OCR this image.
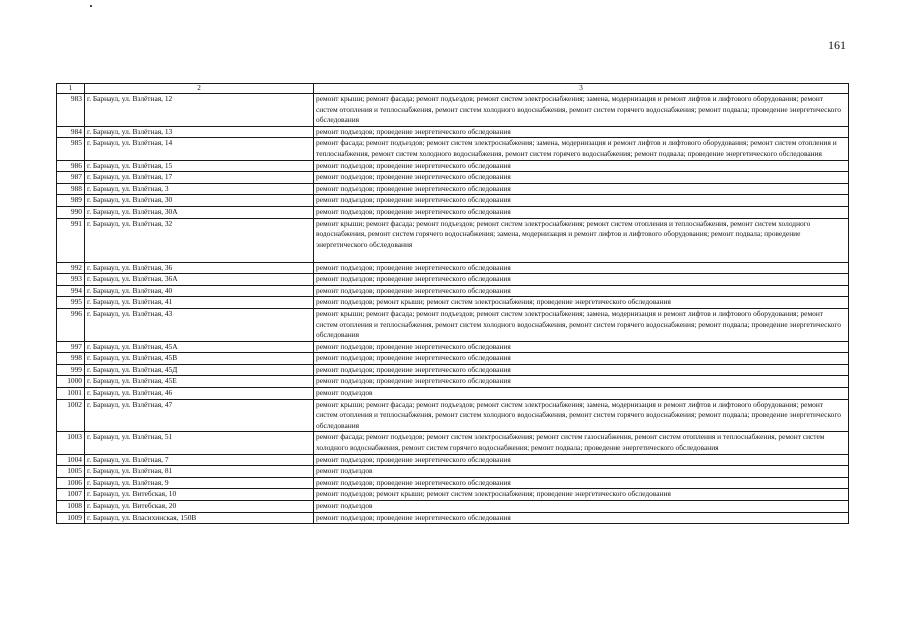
161
1	2	3
983	г. Барнаул, ул. Взлётная, 12	ремонт крыши; ремонт фасада; ремонт подъездов; ремонт систем электроснабжения; замена, модернизация и ремонт лифтов и лифтового оборудования; ремонт систем отопления и теплоснабжения, ремонт систем холодного водоснабжения, ремонт систем горячего водоснабжения; ремонт подвала; проведение энергетического обследования
984	г. Барнаул, ул. Взлётная, 13	ремонт подъездов; проведение энергетического обследования
985	г. Барнаул, ул. Взлётная, 14	ремонт фасада; ремонт подъездов; ремонт систем электроснабжения; замена, модернизация и ремонт лифтов и лифтового оборудования; ремонт систем отопления и теплоснабжения, ремонт систем холодного водоснабжения, ремонт систем горячего водоснабжения; ремонт подвала; проведение энергетического обследования
986	г. Барнаул, ул. Взлётная, 15	ремонт подъездов; проведение энергетического обследования
987	г. Барнаул, ул. Взлётная, 17	ремонт подъездов; проведение энергетического обследования
988	г. Барнаул, ул. Взлётная, 3	ремонт подъездов; проведение энергетического обследования
989	г. Барнаул, ул. Взлётная, 30	ремонт подъездов; проведение энергетического обследования
990	г. Барнаул, ул. Взлётная, 30А	ремонт подъездов; проведение энергетического обследования
991	г. Барнаул, ул. Взлётная, 32	ремонт крыши; ремонт фасада; ремонт подъездов; ремонт систем электроснабжения; ремонт систем отопления и теплоснабжения, ремонт систем холодного водоснабжения, ремонт систем горячего водоснабжения; замена, модернизация и ремонт лифтов и лифтового оборудования; ремонт подвала; проведение энергетического обследования
992	г. Барнаул, ул. Взлётная, 36	ремонт подъездов; проведение энергетического обследования
993	г. Барнаул, ул. Взлётная, 36А	ремонт подъездов; проведение энергетического обследования
994	г. Барнаул, ул. Взлётная, 40	ремонт подъездов; проведение энергетического обследования
995	г. Барнаул, ул. Взлётная, 41	ремонт подъездов; ремонт крыши; ремонт систем электроснабжения; проведение энергетического обследования
996	г. Барнаул, ул. Взлётная, 43	ремонт крыши; ремонт фасада; ремонт подъездов; ремонт систем электроснабжения; замена, модернизация и ремонт лифтов и лифтового оборудования; ремонт систем отопления и теплоснабжения, ремонт систем холодного водоснабжения, ремонт систем горячего водоснабжения; ремонт подвала; проведение энергетического обследования
997	г. Барнаул, ул. Взлётная, 45А	ремонт подъездов; проведение энергетического обследования
998	г. Барнаул, ул. Взлётная, 45В	ремонт подъездов; проведение энергетического обследования
999	г. Барнаул, ул. Взлётная, 45Д	ремонт подъездов; проведение энергетического обследования
1000	г. Барнаул, ул. Взлётная, 45Е	ремонт подъездов; проведение энергетического обследования
1001	г. Барнаул, ул. Взлётная, 46	ремонт подъездов
1002	г. Барнаул, ул. Взлётная, 47	ремонт крыши; ремонт фасада; ремонт подъездов; ремонт систем электроснабжения; замена, модернизация и ремонт лифтов и лифтового оборудования; ремонт систем отопления и теплоснабжения, ремонт систем холодного водоснабжения, ремонт систем горячего водоснабжения; ремонт подвала; проведение энергетического обследования
1003	г. Барнаул, ул. Взлётная, 51	ремонт фасада; ремонт подъездов; ремонт систем электроснабжения; ремонт систем газоснабжения, ремонт систем отопления и теплоснабжения, ремонт систем холодного водоснабжения, ремонт систем горячего водоснабжения; ремонт подвала; проведение энергетического обследования
1004	г. Барнаул, ул. Взлётная, 7	ремонт подъездов; проведение энергетического обследования
1005	г. Барнаул, ул. Взлётная, 81	ремонт подъездов
1006	г. Барнаул, ул. Взлётная, 9	ремонт подъездов; проведение энергетического обследования
1007	г. Барнаул, ул. Витебская, 10	ремонт подъездов; ремонт крыши; ремонт систем электроснабжения; проведение энергетического обследования
1008	г. Барнаул, ул. Витебская, 20	ремонт подъездов
1009	г. Барнаул, ул. Власихинская, 150В	ремонт подъездов; проведение энергетического обследования
